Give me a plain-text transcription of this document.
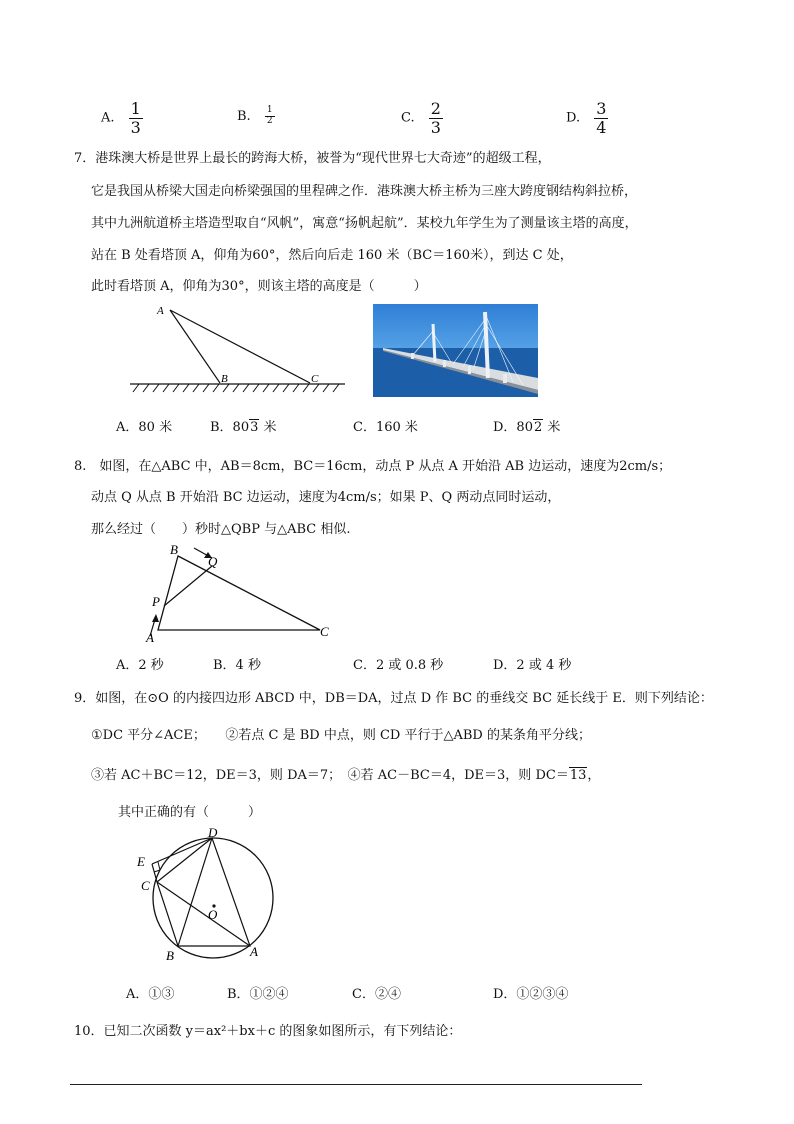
A. $\frac{1}{3}$	B. $\frac{1}{2}$	C. $\frac{2}{3}$	D. $\frac{3}{4}$
7．港珠澳大桥是世界上最长的跨海大桥，被誉为“现代世界七大奇迹”的超级工程，
它是我国从桥梁大国走向桥梁强国的里程碑之作．港珠澳大桥主桥为三座大跨度钢结构斜拉桥，
其中九洲航道桥主塔造型取自“风帆”，寓意“扬帆起航”．某校九年学生为了测量该主塔的高度，
站在 B 处看塔顶 A，仰角为60°，然后向后走 160 米（BC＝160米），到达 C 处，
此时看塔顶 A，仰角为30°，则该主塔的高度是（　　　）
A
B	C
A．80 米	B．803 米	C．160 米	D．802 米
8.　如图，在△ABC 中，AB＝8cm，BC＝16cm，动点 P 从点 A 开始沿 AB 边运动，速度为2cm/s；
动点 Q 从点 B 开始沿 BC 边运动，速度为4cm/s；如果 P、Q 两动点同时运动，
那么经过（　　）秒时△QBP 与△ABC 相似.
B
Q
P
A	C
A．2 秒	B．4 秒	C．2 或 0.8 秒	D．2 或 4 秒
9．如图，在⊙O 的内接四边形 ABCD 中，DB＝DA，过点 D 作 BC 的垂线交 BC 延长线于 E．则下列结论：
①DC 平分∠ACE；　　②若点 C 是 BD 中点，则 CD 平行于△ABD 的某条角平分线；
③若 AC＋BC＝12，DE＝3，则 DA＝7；　④若 AC－BC＝4，DE＝3，则 DC＝13，
其中正确的有（　　　）
D
E
C
O
B	A
A．①③	B．①②④	C．②④	D．①②③④
10．已知二次函数 y＝ax²＋bx＋c 的图象如图所示，有下列结论：
